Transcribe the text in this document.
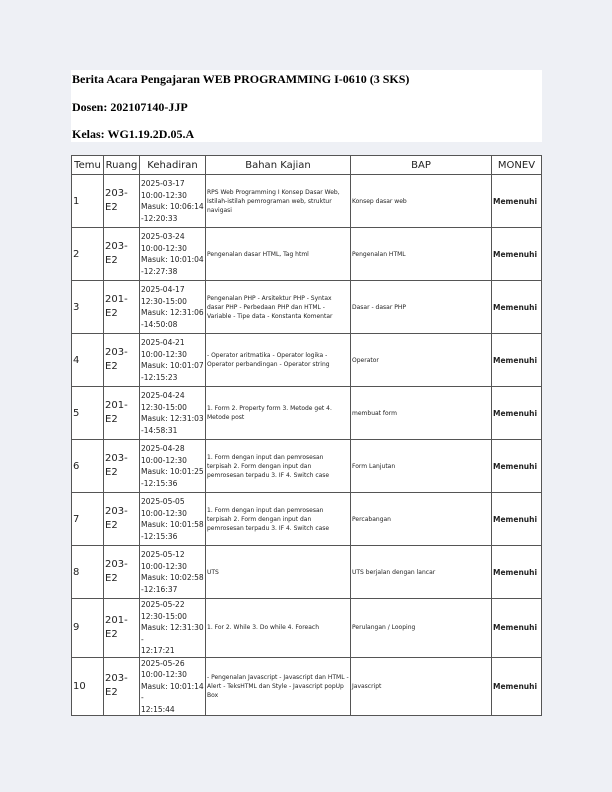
Berita Acara Pengajaran WEB PROGRAMMING I-0610 (3 SKS)
Dosen: 202107140-JJP
Kelas: WG1.19.2D.05.A
Temu	Ruang	Kehadiran	Bahan Kajian	BAP	MONEV
1	203-E2	2025-03-17
10:00-12:30
Masuk: 10:06:14
-12:20:33	RPS Web Programming I Konsep Dasar Web, Istilah-istilah pemrograman web, struktur navigasi	Konsep dasar web	Memenuhi
2	203-E2	2025-03-24
10:00-12:30
Masuk: 10:01:04
-12:27:38	Pengenalan dasar HTML, Tag html	Pengenalan HTML	Memenuhi
3	201-E2	2025-04-17
12:30-15:00
Masuk: 12:31:06
-14:50:08	Pengenalan PHP - Arsitektur PHP - Syntax dasar PHP - Perbedaan PHP dan HTML - Variable - Tipe data - Konstanta Komentar	Dasar - dasar PHP	Memenuhi
4	203-E2	2025-04-21
10:00-12:30
Masuk: 10:01:07
-12:15:23	- Operator aritmatika - Operator logika - Operator perbandingan - Operator string	Operator	Memenuhi
5	201-E2	2025-04-24
12:30-15:00
Masuk: 12:31:03
-14:58:31	1. Form 2. Property form 3. Metode get 4. Metode post	membuat form	Memenuhi
6	203-E2	2025-04-28
10:00-12:30
Masuk: 10:01:25
-12:15:36	1. Form dengan input dan pemrosesan terpisah 2. Form dengan input dan pemrosesan terpadu 3. IF 4. Switch case	Form Lanjutan	Memenuhi
7	203-E2	2025-05-05
10:00-12:30
Masuk: 10:01:58
-12:15:36	1. Form dengan input dan pemrosesan terpisah 2. Form dengan input dan pemrosesan terpadu 3. IF 4. Switch case	Percabangan	Memenuhi
8	203-E2	2025-05-12
10:00-12:30
Masuk: 10:02:58
-12:16:37	UTS	UTS berjalan dengan lancar	Memenuhi
9	201-E2	2025-05-22
12:30-15:00
Masuk: 12:31:30 -
12:17:21	1. For 2. While 3. Do while 4. Foreach	Perulangan / Looping	Memenuhi
10	203-E2	2025-05-26
10:00-12:30
Masuk: 10:01:14 -
12:15:44	- Pengenalan Javascript - Javascript dan HTML - Alert - TeksHTML dan Style - Javascript popUp Box	Javascript	Memenuhi
